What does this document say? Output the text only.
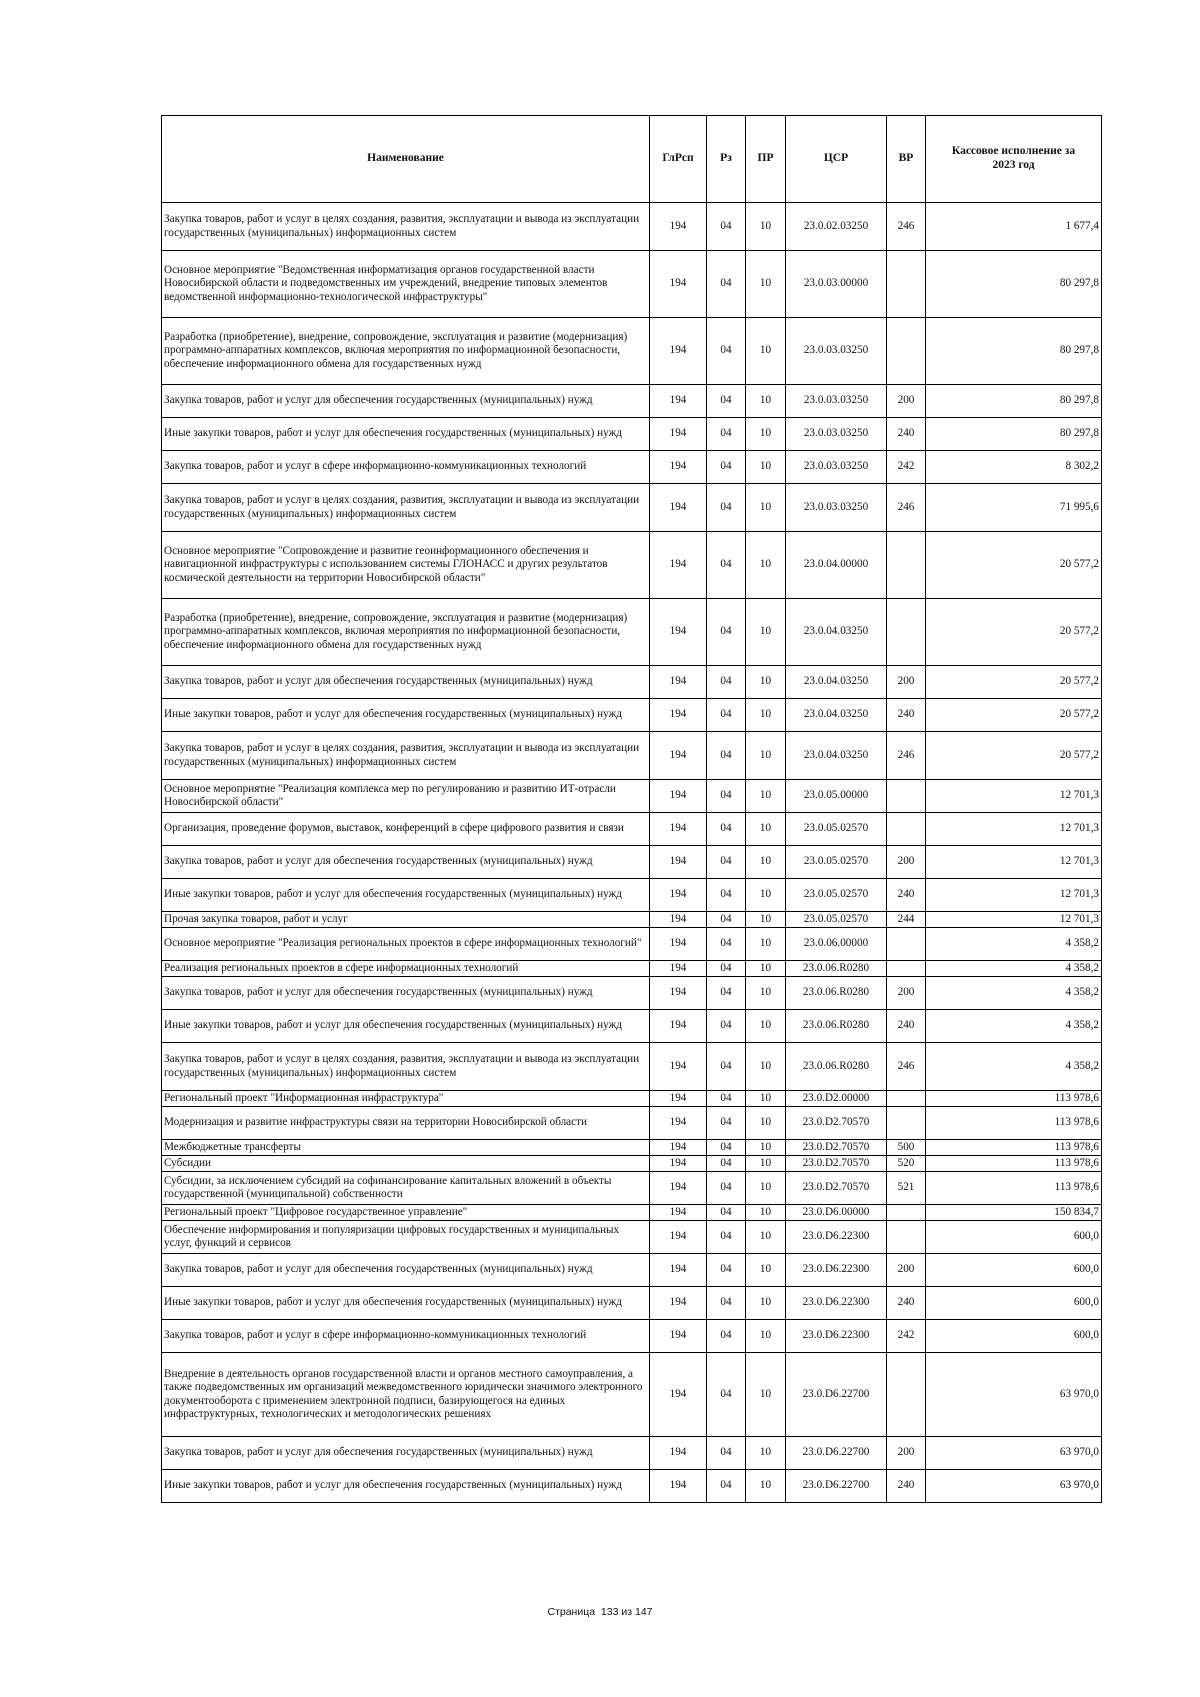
Наименование	ГлРсп	Рз	ПР	ЦСР	ВР	Кассовое исполнение за 2023 год
Закупка товаров, работ и услуг в целях создания, развития, эксплуатации и вывода из эксплуатации государственных (муниципальных) информационных систем	194	04	10	23.0.02.03250	246	1 677,4
Основное мероприятие "Ведомственная информатизация органов государственной власти Новосибирской области и подведомственных им учреждений, внедрение типовых элементов ведомственной информационно-технологической инфраструктуры"	194	04	10	23.0.03.00000		80 297,8
Разработка (приобретение), внедрение, сопровождение, эксплуатация и развитие (модернизация) программно-аппаратных комплексов, включая мероприятия по информационной безопасности, обеспечение информационного обмена для государственных нужд	194	04	10	23.0.03.03250		80 297,8
Закупка товаров, работ и услуг для обеспечения государственных (муниципальных) нужд	194	04	10	23.0.03.03250	200	80 297,8
Иные закупки товаров, работ и услуг для обеспечения государственных (муниципальных) нужд	194	04	10	23.0.03.03250	240	80 297,8
Закупка товаров, работ и услуг в сфере информационно-коммуникационных технологий	194	04	10	23.0.03.03250	242	8 302,2
Закупка товаров, работ и услуг в целях создания, развития, эксплуатации и вывода из эксплуатации государственных (муниципальных) информационных систем	194	04	10	23.0.03.03250	246	71 995,6
Основное мероприятие "Сопровождение и развитие геоинформационного обеспечения и навигационной инфраструктуры с использованием системы ГЛОНАСС и других результатов космической деятельности на территории Новосибирской области"	194	04	10	23.0.04.00000		20 577,2
Разработка (приобретение), внедрение, сопровождение, эксплуатация и развитие (модернизация) программно-аппаратных комплексов, включая мероприятия по информационной безопасности, обеспечение информационного обмена для государственных нужд	194	04	10	23.0.04.03250		20 577,2
Закупка товаров, работ и услуг для обеспечения государственных (муниципальных) нужд	194	04	10	23.0.04.03250	200	20 577,2
Иные закупки товаров, работ и услуг для обеспечения государственных (муниципальных) нужд	194	04	10	23.0.04.03250	240	20 577,2
Закупка товаров, работ и услуг в целях создания, развития, эксплуатации и вывода из эксплуатации государственных (муниципальных) информационных систем	194	04	10	23.0.04.03250	246	20 577,2
Основное мероприятие "Реализация комплекса мер по регулированию и развитию ИТ-отрасли Новосибирской области"	194	04	10	23.0.05.00000		12 701,3
Организация, проведение форумов, выставок, конференций в сфере цифрового развития и связи	194	04	10	23.0.05.02570		12 701,3
Закупка товаров, работ и услуг для обеспечения государственных (муниципальных) нужд	194	04	10	23.0.05.02570	200	12 701,3
Иные закупки товаров, работ и услуг для обеспечения государственных (муниципальных) нужд	194	04	10	23.0.05.02570	240	12 701,3
Прочая закупка товаров, работ и услуг	194	04	10	23.0.05.02570	244	12 701,3
Основное мероприятие "Реализация региональных проектов в сфере информационных технологий"	194	04	10	23.0.06.00000		4 358,2
Реализация региональных проектов в сфере информационных технологий	194	04	10	23.0.06.R0280		4 358,2
Закупка товаров, работ и услуг для обеспечения государственных (муниципальных) нужд	194	04	10	23.0.06.R0280	200	4 358,2
Иные закупки товаров, работ и услуг для обеспечения государственных (муниципальных) нужд	194	04	10	23.0.06.R0280	240	4 358,2
Закупка товаров, работ и услуг в целях создания, развития, эксплуатации и вывода из эксплуатации государственных (муниципальных) информационных систем	194	04	10	23.0.06.R0280	246	4 358,2
Региональный проект "Информационная инфраструктура"	194	04	10	23.0.D2.00000		113 978,6
Модернизация и развитие инфраструктуры связи на территории Новосибирской области	194	04	10	23.0.D2.70570		113 978,6
Межбюджетные трансферты	194	04	10	23.0.D2.70570	500	113 978,6
Субсидии	194	04	10	23.0.D2.70570	520	113 978,6
Субсидии, за исключением субсидий на софинансирование капитальных вложений в объекты государственной (муниципальной) собственности	194	04	10	23.0.D2.70570	521	113 978,6
Региональный проект "Цифровое государственное управление"	194	04	10	23.0.D6.00000		150 834,7
Обеспечение информирования и популяризации цифровых государственных и муниципальных услуг, функций и сервисов	194	04	10	23.0.D6.22300		600,0
Закупка товаров, работ и услуг для обеспечения государственных (муниципальных) нужд	194	04	10	23.0.D6.22300	200	600,0
Иные закупки товаров, работ и услуг для обеспечения государственных (муниципальных) нужд	194	04	10	23.0.D6.22300	240	600,0
Закупка товаров, работ и услуг в сфере информационно-коммуникационных технологий	194	04	10	23.0.D6.22300	242	600,0
Внедрение в деятельность органов государственной власти и органов местного самоуправления, а также подведомственных им организаций межведомственного юридически значимого электронного документооборота с применением электронной подписи, базирующегося на единых инфраструктурных, технологических и методологических решениях	194	04	10	23.0.D6.22700		63 970,0
Закупка товаров, работ и услуг для обеспечения государственных (муниципальных) нужд	194	04	10	23.0.D6.22700	200	63 970,0
Иные закупки товаров, работ и услуг для обеспечения государственных (муниципальных) нужд	194	04	10	23.0.D6.22700	240	63 970,0
Страница 133 из 147
